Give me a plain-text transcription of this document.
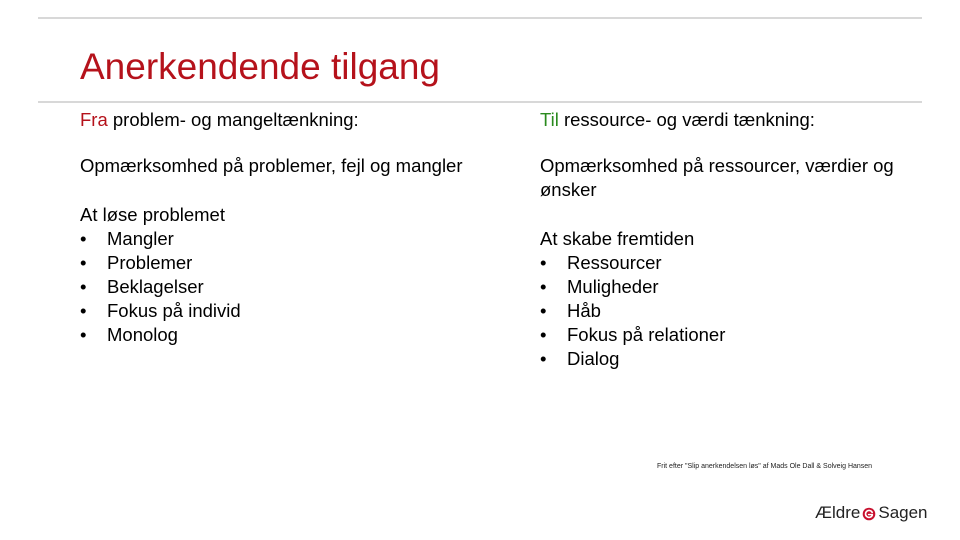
Anerkendende tilgang
Fra problem- og mangeltænkning:
Opmærksomhed på problemer, fejl og mangler
At løse problemet
• Mangler
• Problemer
• Beklagelser
• Fokus på individ
• Monolog
Til ressource- og værdi tænkning:
Opmærksomhed på ressourcer, værdier og ønsker
At skabe fremtiden
• Ressourcer
• Muligheder
• Håb
• Fokus på relationer
• Dialog
Frit efter "Slip anerkendelsen løs" af Mads Ole Dall & Solveig Hansen
Ældre Sagen
